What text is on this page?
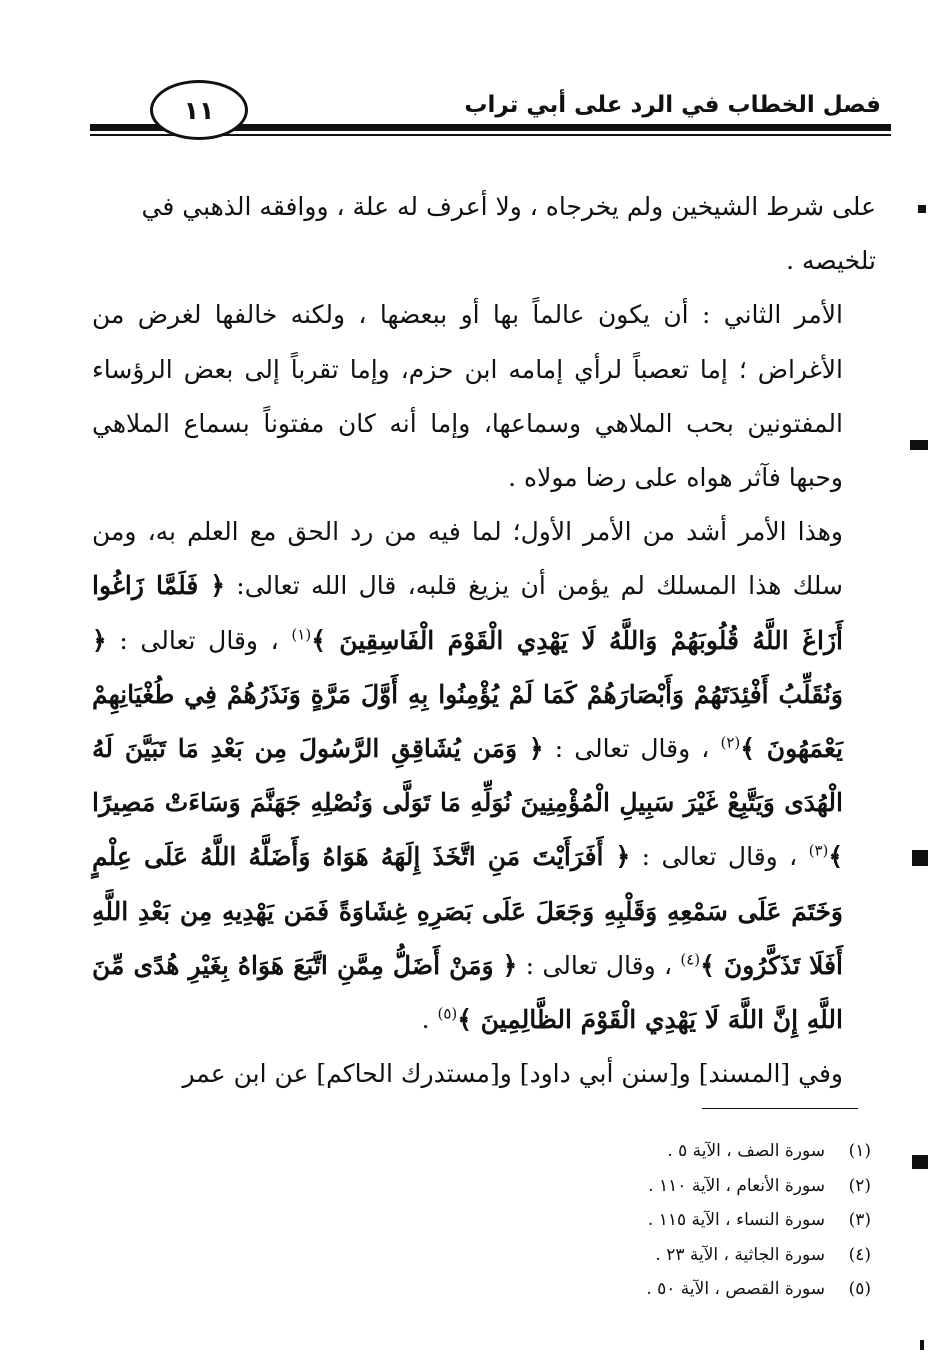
فصل الخطاب في الرد على أبي تراب
١١

على شرط الشيخين ولم يخرجاه ، ولا أعرف له علة ، ووافقه الذهبي في
تلخيصه .

الأمر الثاني : أن يكون عالماً بها أو ببعضها ، ولكنه خالفها لغرض من الأغراض ؛ إما تعصباً لرأي إمامه ابن حزم، وإما تقرباً إلى بعض الرؤساء المفتونين بحب الملاهي وسماعها، وإما أنه كان مفتوناً بسماع الملاهي وحبها فآثر هواه على رضا مولاه .

وهذا الأمر أشد من الأمر الأول؛ لما فيه من رد الحق مع العلم به، ومن سلك هذا المسلك لم يؤمن أن يزيغ قلبه، قال الله تعالى: ﴿ فَلَمَّا زَاغُوا أَزَاغَ اللَّهُ قُلُوبَهُمْ وَاللَّهُ لَا يَهْدِي الْقَوْمَ الْفَاسِقِينَ ﴾$^{(١)}$ ، وقال تعالى : ﴿ وَنُقَلِّبُ أَفْئِدَتَهُمْ وَأَبْصَارَهُمْ كَمَا لَمْ يُؤْمِنُوا بِهِ أَوَّلَ مَرَّةٍ وَنَذَرُهُمْ فِي طُغْيَانِهِمْ يَعْمَهُونَ ﴾$^{(٢)}$ ، وقال تعالى : ﴿ وَمَن يُشَاقِقِ الرَّسُولَ مِن بَعْدِ مَا تَبَيَّنَ لَهُ الْهُدَى وَيَتَّبِعْ غَيْرَ سَبِيلِ الْمُؤْمِنِينَ نُوَلِّهِ مَا تَوَلَّى وَنُصْلِهِ جَهَنَّمَ وَسَاءَتْ مَصِيرًا ﴾$^{(٣)}$ ، وقال تعالى : ﴿ أَفَرَأَيْتَ مَنِ اتَّخَذَ إِلَهَهُ هَوَاهُ وَأَضَلَّهُ اللَّهُ عَلَى عِلْمٍ وَخَتَمَ عَلَى سَمْعِهِ وَقَلْبِهِ وَجَعَلَ عَلَى بَصَرِهِ غِشَاوَةً فَمَن يَهْدِيهِ مِن بَعْدِ اللَّهِ أَفَلَا تَذَكَّرُونَ ﴾$^{(٤)}$ ، وقال تعالى : ﴿ وَمَنْ أَضَلُّ مِمَّنِ اتَّبَعَ هَوَاهُ بِغَيْرِ هُدًى مِّنَ اللَّهِ إِنَّ اللَّهَ لَا يَهْدِي الْقَوْمَ الظَّالِمِينَ ﴾$^{(٥)}$ .

وفي [المسند] و[سنن أبي داود] و[مستدرك الحاكم] عن ابن عمر

(١)سورة الصف ، الآية ٥ .
(٢)سورة الأنعام ، الآية ١١٠ .
(٣)سورة النساء ، الآية ١١٥ .
(٤)سورة الجاثية ، الآية ٢٣ .
(٥)سورة القصص ، الآية ٥٠ .
